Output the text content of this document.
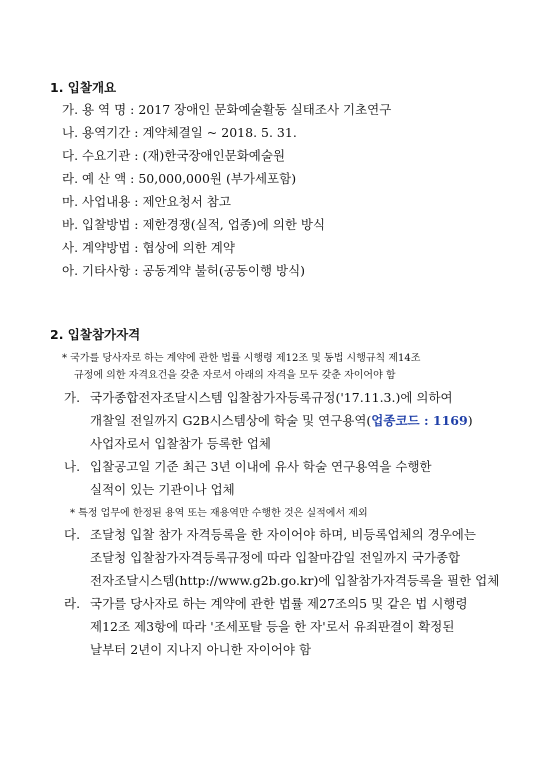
1. 입찰개요
가. 용 역 명 : 2017 장애인 문화예술활동 실태조사 기초연구
나. 용역기간 : 계약체결일 ~ 2018. 5. 31.
다. 수요기관 : (재)한국장애인문화예술원
라. 예 산 액 : 50,000,000원 (부가세포함)
마. 사업내용 : 제안요청서 참고
바. 입찰방법 : 제한경쟁(실적, 업종)에 의한 방식
사. 계약방법 : 협상에 의한 계약
아. 기타사항 : 공동계약 불허(공동이행 방식)
2. 입찰참가자격
* 국가를 당사자로 하는 계약에 관한 법률 시행령 제12조 및 동법 시행규칙 제14조
규정에 의한 자격요건을 갖춘 자로서 아래의 자격을 모두 갖춘 자이어야 함
가. 국가종합전자조달시스템 입찰참가자등록규정('17.11.3.)에 의하여
개찰일 전일까지 G2B시스템상에 학술 및 연구용역(업종코드 : 1169)
사업자로서 입찰참가 등록한 업체
나. 입찰공고일 기준 최근 3년 이내에 유사 학술 연구용역을 수행한
실적이 있는 기관이나 업체
* 특정 업무에 한정된 용역 또는 재용역만 수행한 것은 실적에서 제외
다. 조달청 입찰 참가 자격등록을 한 자이어야 하며, 비등록업체의 경우에는
조달청 입찰참가자격등록규정에 따라 입찰마감일 전일까지 국가종합
전자조달시스템(http://www.g2b.go.kr)에 입찰참가자격등록을 필한 업체
라. 국가를 당사자로 하는 계약에 관한 법률 제27조의5 및 같은 법 시행령
제12조 제3항에 따라 '조세포탈 등을 한 자'로서 유죄판결이 확정된
날부터 2년이 지나지 아니한 자이어야 함
